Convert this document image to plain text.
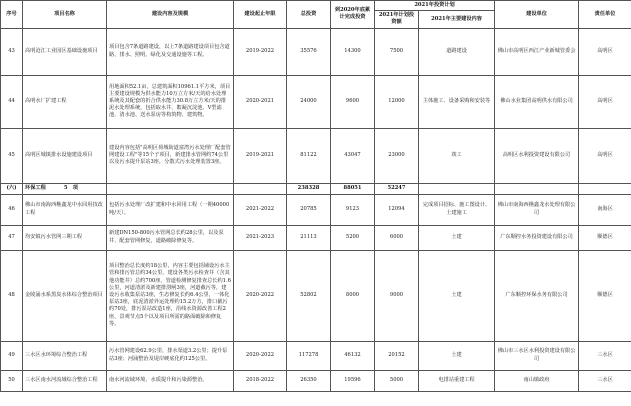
序号	项目名称	建设内容及规模	建设起止年限	总投资	到2020年底累计完成投资	2021年投资计划		建设单位	责任单位
						2021年计划投资额	2021年主要建设内容		
43	高明沧江工业园区基础设施项目	项目包含7条道路建设，以上7条道路建设项目包含道路、排水、照明、绿化及交通设施等工程。	2019-2022	35576	14300	7500	道路建设	佛山市高明区西江产业新城管委会	高明区
44	高明水厂扩建工程	用地面积52.1亩，总建筑面积10961.1平方米，项目主要建设规模为供水能力10万立方米/天的给水处理系统及其配套的折合供水能力30.8万立方米/天的排泥水处理系统，包括取水井、絮凝沉淀池、V型滤池、清水池、送水泵房等构筑物、建筑物。	2020-2021	24000	9600	12000	主体施工、设备采购和安装等	佛山水业集团高明供水有限公司	高明区
45	高明区城镇排水设施建设项目	建设内容包括"高明区荷城街道富湾污水处理厂配套管网建设工程"等15个子项目，新建排水管网约74公里以及污水提升泵站3座，分散式污水处理装置3座。	2019-2021	81122	43047	23000	竣工	高明区水利投资建设有限公司	高明区
(六)	环保工程     5  项			238328	88051	52247			
46	佛山市南海西樵鑫龙中水回用技改工程	包括污水处理厂改扩建和中水回用工程（一期40000吨/天）。	2021-2022	20785	9123	12094	完成项目招标、施工图设计、土建施工	佛山市南海西樵鑫龙水处理有限公司	南海区
47	均安镇污水管网三期工程	新建DN150-800污水管网总长约28公里，以及泵井、配套管网修复，道路破除修复等。	2021-2023	21113	5200	6000	土建	广东顺控水务投资建设有限公司	顺德区
48	金陵涌水系黑臭水体综合整治项目	项目整治总长度约18公里，内容主要包括铺设污水主管和排污管总约34公里，建设各类污水检查井（含其他功能井）总约700座，管道检测修复排查总长约1.6公里，河道清淤及新建排涝闸3座，河道截污等，建设污水收集泵站3座，生态修复长约6.4公里，一体化泵站3座，底泥清淤外运处理约15.2万方，排口截污约70处，排污泵站改造1座，沿线水资源改善工程2座，景观节点5个以及项目所需的路面破除和修复等。	2020-2022	52802	8000	9000	土建	广东顺控环保水务有限公司	顺德区
49	三水区水环境综合整治工程	污水管网建设62.9公里，排水渠道3.2公里；提升泵站3座；河涌整治及堤岸硬底化约125公里。	2020-2022	117278	46132	20152	土建	佛山市三水区水利投资建设有限公司	三水区
50	三水区南水河流域综合整治工程	南水河流域环境、水质提升和污染源整治。	2018-2022	26350	19596	5000	电排站重建工程	南山镇政府	三水区
